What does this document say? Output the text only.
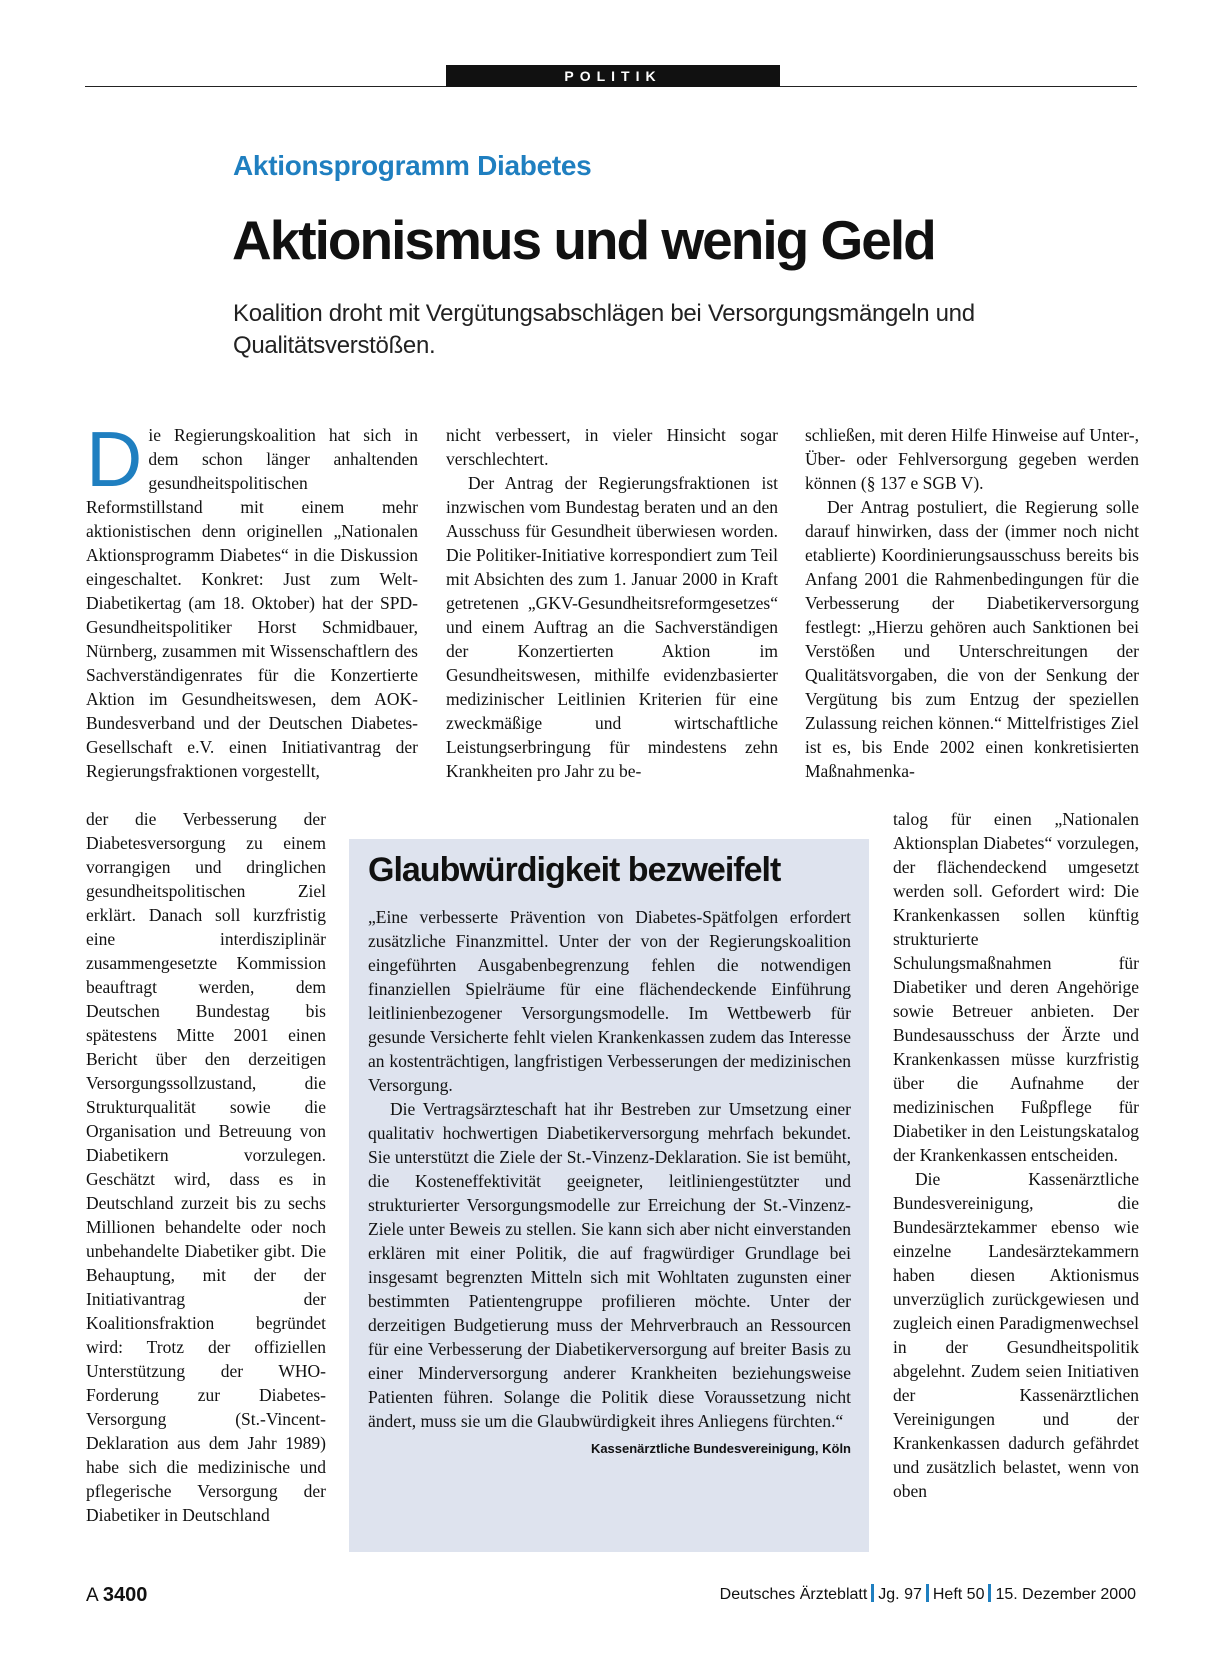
POLITIK
Aktionsprogramm Diabetes
Aktionismus und wenig Geld
Koalition droht mit Vergütungsabschlägen bei Versorgungsmängeln und Qualitätsverstößen.

Die Regierungskoalition hat sich in dem schon länger anhaltenden gesundheitspolitischen Reformstillstand mit einem mehr aktionistischen denn originellen „Nationalen Aktionsprogramm Diabetes“ in die Diskussion eingeschaltet. Konkret: Just zum Welt-Diabetikertag (am 18. Oktober) hat der SPD-Gesundheitspolitiker Horst Schmidbauer, Nürnberg, zusammen mit Wissenschaftlern des Sachverständigenrates für die Konzertierte Aktion im Gesundheitswesen, dem AOK-Bundesverband und der Deutschen Diabetes-Gesellschaft e.V. einen Initiativantrag der Regierungsfraktionen vorgestellt,

der die Verbesserung der Diabetesversorgung zu einem vorrangigen und dringlichen gesundheitspolitischen Ziel erklärt. Danach soll kurzfristig eine interdisziplinär zusammengesetzte Kommission beauftragt werden, dem Deutschen Bundestag bis spätestens Mitte 2001 einen Bericht über den derzeitigen Versorgungssollzustand, die Strukturqualität sowie die Organisation und Betreuung von Diabetikern vorzulegen. Geschätzt wird, dass es in Deutschland zurzeit bis zu sechs Millionen behandelte oder noch unbehandelte Diabetiker gibt. Die Behauptung, mit der der Initiativantrag der Koalitionsfraktion begründet wird: Trotz der offiziellen Unterstützung der WHO-Forderung zur Diabetes-Versorgung (St.-Vincent-Deklaration aus dem Jahr 1989) habe sich die medizinische und pflegerische Versorgung der Diabetiker in Deutschland

nicht verbessert, in vieler Hinsicht sogar verschlechtert.

Der Antrag der Regierungsfraktionen ist inzwischen vom Bundestag beraten und an den Ausschuss für Gesundheit überwiesen worden. Die Politiker-Initiative korrespondiert zum Teil mit Absichten des zum 1. Januar 2000 in Kraft getretenen „GKV-Gesundheitsreformgesetzes“ und einem Auftrag an die Sachverständigen der Konzertierten Aktion im Gesundheitswesen, mithilfe evidenzbasierter medizinischer Leitlinien Kriterien für eine zweckmäßige und wirtschaftliche Leistungserbringung für mindestens zehn Krankheiten pro Jahr zu be-

schließen, mit deren Hilfe Hinweise auf Unter-, Über- oder Fehlversorgung gegeben werden können (§ 137 e SGB V).

Der Antrag postuliert, die Regierung solle darauf hinwirken, dass der (immer noch nicht etablierte) Koordinierungsausschuss bereits bis Anfang 2001 die Rahmenbedingungen für die Verbesserung der Diabetikerversorgung festlegt: „Hierzu gehören auch Sanktionen bei Verstößen und Unterschreitungen der Qualitätsvorgaben, die von der Senkung der Vergütung bis zum Entzug der speziellen Zulassung reichen können.“ Mittelfristiges Ziel ist es, bis Ende 2002 einen konkretisierten Maßnahmenka-

talog für einen „Nationalen Aktionsplan Diabetes“ vorzulegen, der flächendeckend umgesetzt werden soll. Gefordert wird: Die Krankenkassen sollen künftig strukturierte Schulungsmaßnahmen für Diabetiker und deren Angehörige sowie Betreuer anbieten. Der Bundesausschuss der Ärzte und Krankenkassen müsse kurzfristig über die Aufnahme der medizinischen Fußpflege für Diabetiker in den Leistungskatalog der Krankenkassen entscheiden.

Die Kassenärztliche Bundesvereinigung, die Bundesärztekammer ebenso wie einzelne Landesärztekammern haben diesen Aktionismus unverzüglich zurückgewiesen und zugleich einen Paradigmenwechsel in der Gesundheitspolitik abgelehnt. Zudem seien Initiativen der Kassenärztlichen Vereinigungen und der Krankenkassen dadurch gefährdet und zusätzlich belastet, wenn von oben

Glaubwürdigkeit bezweifelt

„Eine verbesserte Prävention von Diabetes-Spätfolgen erfordert zusätzliche Finanzmittel. Unter der von der Regierungskoalition eingeführten Ausgabenbegrenzung fehlen die notwendigen finanziellen Spielräume für eine flächendeckende Einführung leitlinienbezogener Versorgungsmodelle. Im Wettbewerb für gesunde Versicherte fehlt vielen Krankenkassen zudem das Interesse an kostenträchtigen, langfristigen Verbesserungen der medizinischen Versorgung.

Die Vertragsärzteschaft hat ihr Bestreben zur Umsetzung einer qualitativ hochwertigen Diabetikerversorgung mehrfach bekundet. Sie unterstützt die Ziele der St.-Vinzenz-Deklaration. Sie ist bemüht, die Kosteneffektivität geeigneter, leitliniengestützter und strukturierter Versorgungsmodelle zur Erreichung der St.-Vinzenz-Ziele unter Beweis zu stellen. Sie kann sich aber nicht einverstanden erklären mit einer Politik, die auf fragwürdiger Grundlage bei insgesamt begrenzten Mitteln sich mit Wohltaten zugunsten einer bestimmten Patientengruppe profilieren möchte. Unter der derzeitigen Budgetierung muss der Mehrverbrauch an Ressourcen für eine Verbesserung der Diabetikerversorgung auf breiter Basis zu einer Minderversorgung anderer Krankheiten beziehungsweise Patienten führen. Solange die Politik diese Voraussetzung nicht ändert, muss sie um die Glaubwürdigkeit ihres Anliegens fürchten.“
Kassenärztliche Bundesvereinigung, Köln

A 3400	Deutsches Ärzteblatt Jg. 97 Heft 50 15. Dezember 2000
